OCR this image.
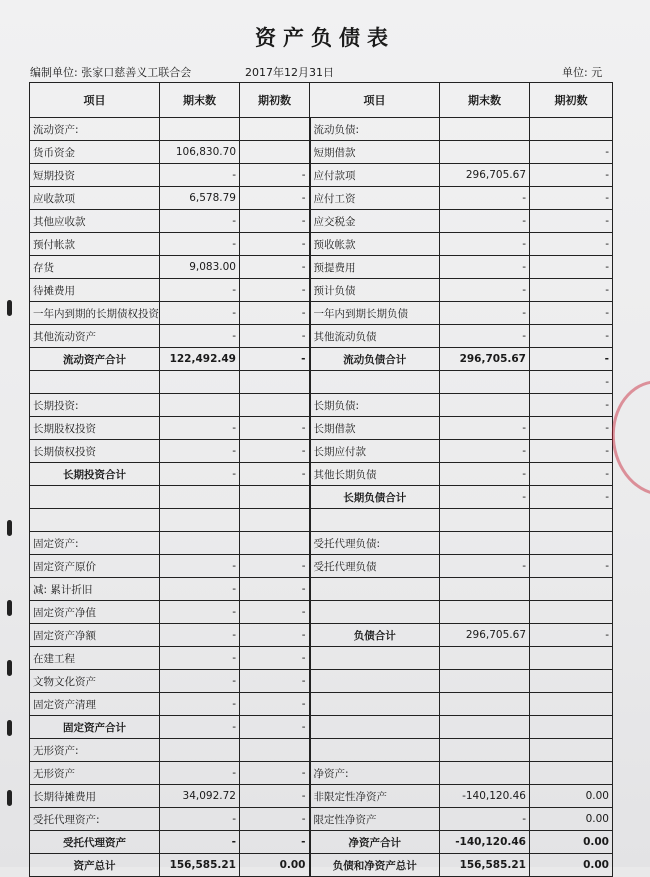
资产负债表
编制单位: 张家口慈善义工联合会	2017年12月31日	单位: 元
项目	期末数	期初数	项目	期末数	期初数
流动资产:			流动负债:		
货币资金	106,830.70		短期借款		-
短期投资	-	-	应付款项	296,705.67	-
应收款项	6,578.79	-	应付工资	-	-
其他应收款	-	-	应交税金	-	-
预付帐款	-	-	预收帐款	-	-
存货	9,083.00	-	预提费用	-	-
待摊费用	-	-	预计负债	-	-
一年内到期的长期债权投资	-	-	一年内到期长期负债	-	-
其他流动资产	-	-	其他流动负债	-	-
流动资产合计	122,492.49	-	流动负债合计	296,705.67	-
					-
长期投资:			长期负债:		-
长期股权投资	-	-	长期借款	-	-
长期债权投资	-	-	长期应付款	-	-
长期投资合计	-	-	其他长期负债	-	-
			长期负债合计	-	-

固定资产:			受托代理负债:		
固定资产原价	-	-	受托代理负债	-	-
减: 累计折旧	-	-			
固定资产净值	-	-			
固定资产净额	-	-	负债合计	296,705.67	-
在建工程	-	-			
文物文化资产	-	-			
固定资产清理	-	-			
固定资产合计	-	-			
无形资产:					
无形资产	-	-	净资产:		
长期待摊费用	34,092.72	-	非限定性净资产	-140,120.46	0.00
受托代理资产:	-	-	限定性净资产	-	0.00
受托代理资产	-	-	净资产合计	-140,120.46	0.00
资产总计	156,585.21	0.00	负债和净资产总计	156,585.21	0.00
